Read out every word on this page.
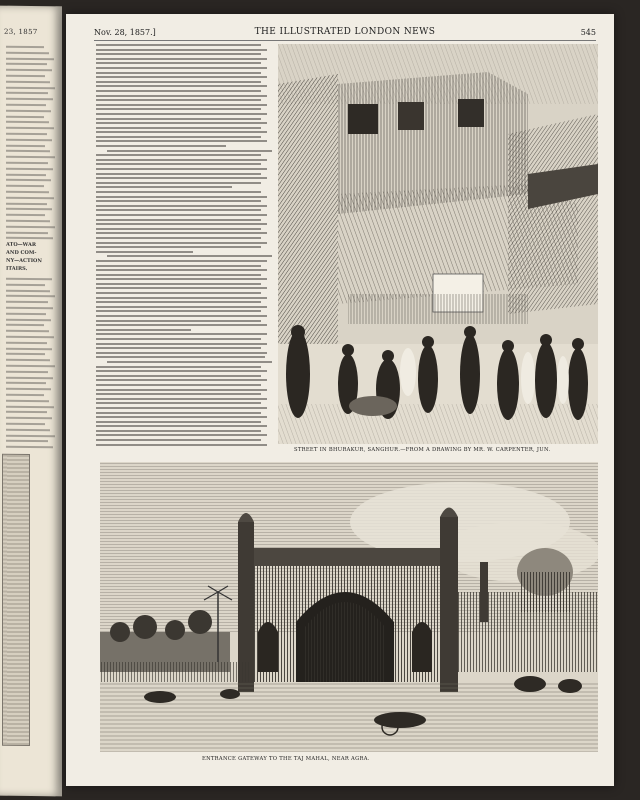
23, 1857
ATO—WAR
AND COM-
NY—ACTION
ITAIRS.
Nov. 28, 1857.]	THE ILLUSTRATED LONDON NEWS	545
STREET IN BHURAKUR, SANGHUR.—FROM A DRAWING BY MR. W. CARPENTER, JUN.
ENTRANCE GATEWAY TO THE TAJ MAHAL, NEAR AGRA.
